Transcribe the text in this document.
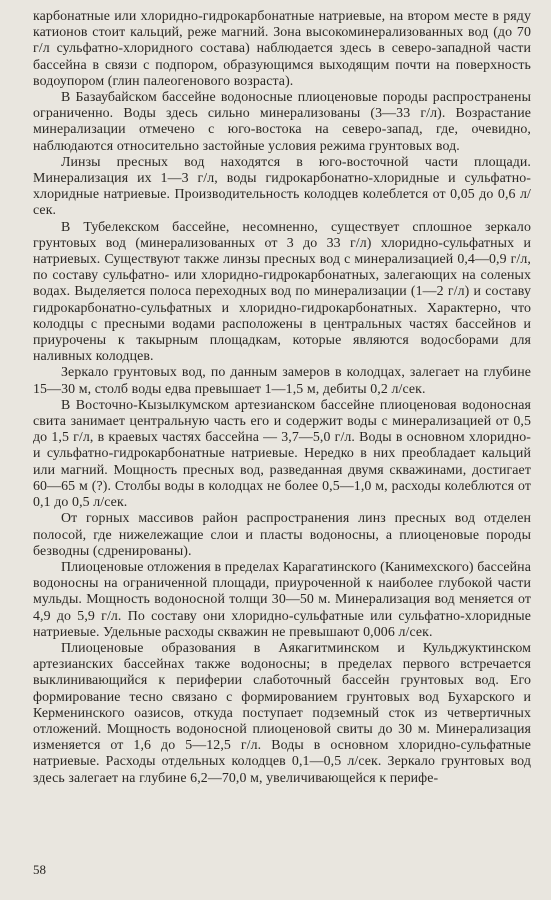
карбонатные или хлоридно-гидрокарбонатные натриевые, на втором месте в ряду катионов стоит кальций, реже магний. Зона высокоминерализованных вод (до 70 г/л сульфатно-хлоридного состава) наблюдается здесь в северо-западной части бассейна в связи с подпором, образующимся выходящим почти на поверхность водоупором (глин палеогенового возраста).

В Базаубайском бассейне водоносные плиоценовые породы распространены ограниченно. Воды здесь сильно минерализованы (3—33 г/л). Возрастание минерализации отмечено с юго-востока на северо-запад, где, очевидно, наблюдаются относительно застойные условия режима грунтовых вод.

Линзы пресных вод находятся в юго-восточной части площади. Минерализация их 1—3 г/л, воды гидрокарбонатно-хлоридные и сульфатно-хлоридные натриевые. Производительность колодцев колеблется от 0,05 до 0,6 л/сек.

В Тубелекском бассейне, несомненно, существует сплошное зеркало грунтовых вод (минерализованных от 3 до 33 г/л) хлоридно-сульфатных и натриевых. Существуют также линзы пресных вод с минерализацией 0,4—0,9 г/л, по составу сульфатно- или хлоридно-гидрокарбонатных, залегающих на соленых водах. Выделяется полоса переходных вод по минерализации (1—2 г/л) и составу гидрокарбонатно-сульфатных и хлоридно-гидрокарбонатных. Характерно, что колодцы с пресными водами расположены в центральных частях бассейнов и приурочены к такырным площадкам, которые являются водосборами для наливных колодцев.

Зеркало грунтовых вод, по данным замеров в колодцах, залегает на глубине 15—30 м, столб воды едва превышает 1—1,5 м, дебиты 0,2 л/сек.

В Восточно-Кызылкумском артезианском бассейне плиоценовая водоносная свита занимает центральную часть его и содержит воды с минерализацией от 0,5 до 1,5 г/л, в краевых частях бассейна — 3,7—5,0 г/л. Воды в основном хлоридно- и сульфатно-гидрокарбонатные натриевые. Нередко в них преобладает кальций или магний. Мощность пресных вод, разведанная двумя скважинами, достигает 60—65 м (?). Столбы воды в колодцах не более 0,5—1,0 м, расходы колеблются от 0,1 до 0,5 л/сек.

От горных массивов район распространения линз пресных вод отделен полосой, где нижележащие слои и пласты водоносны, а плиоценовые породы безводны (сдренированы).

Плиоценовые отложения в пределах Карагатинского (Канимехского) бассейна водоносны на ограниченной площади, приуроченной к наиболее глубокой части мульды. Мощность водоносной толщи 30—50 м. Минерализация вод меняется от 4,9 до 5,9 г/л. По составу они хлоридно-сульфатные или сульфатно-хлоридные натриевые. Удельные расходы скважин не превышают 0,006 л/сек.

Плиоценовые образования в Аякагитминском и Кульджуктинском артезианских бассейнах также водоносны; в пределах первого встречается выклинивающийся к периферии слаботочный бассейн грунтовых вод. Его формирование тесно связано с формированием грунтовых вод Бухарского и Керменинского оазисов, откуда поступает подземный сток из четвертичных отложений. Мощность водоносной плиоценовой свиты до 30 м. Минерализация изменяется от 1,6 до 5—12,5 г/л. Воды в основном хлоридно-сульфатные натриевые. Расходы отдельных колодцев 0,1—0,5 л/сек. Зеркало грунтовых вод здесь залегает на глубине 6,2—70,0 м, увеличивающейся к перифе-

58
